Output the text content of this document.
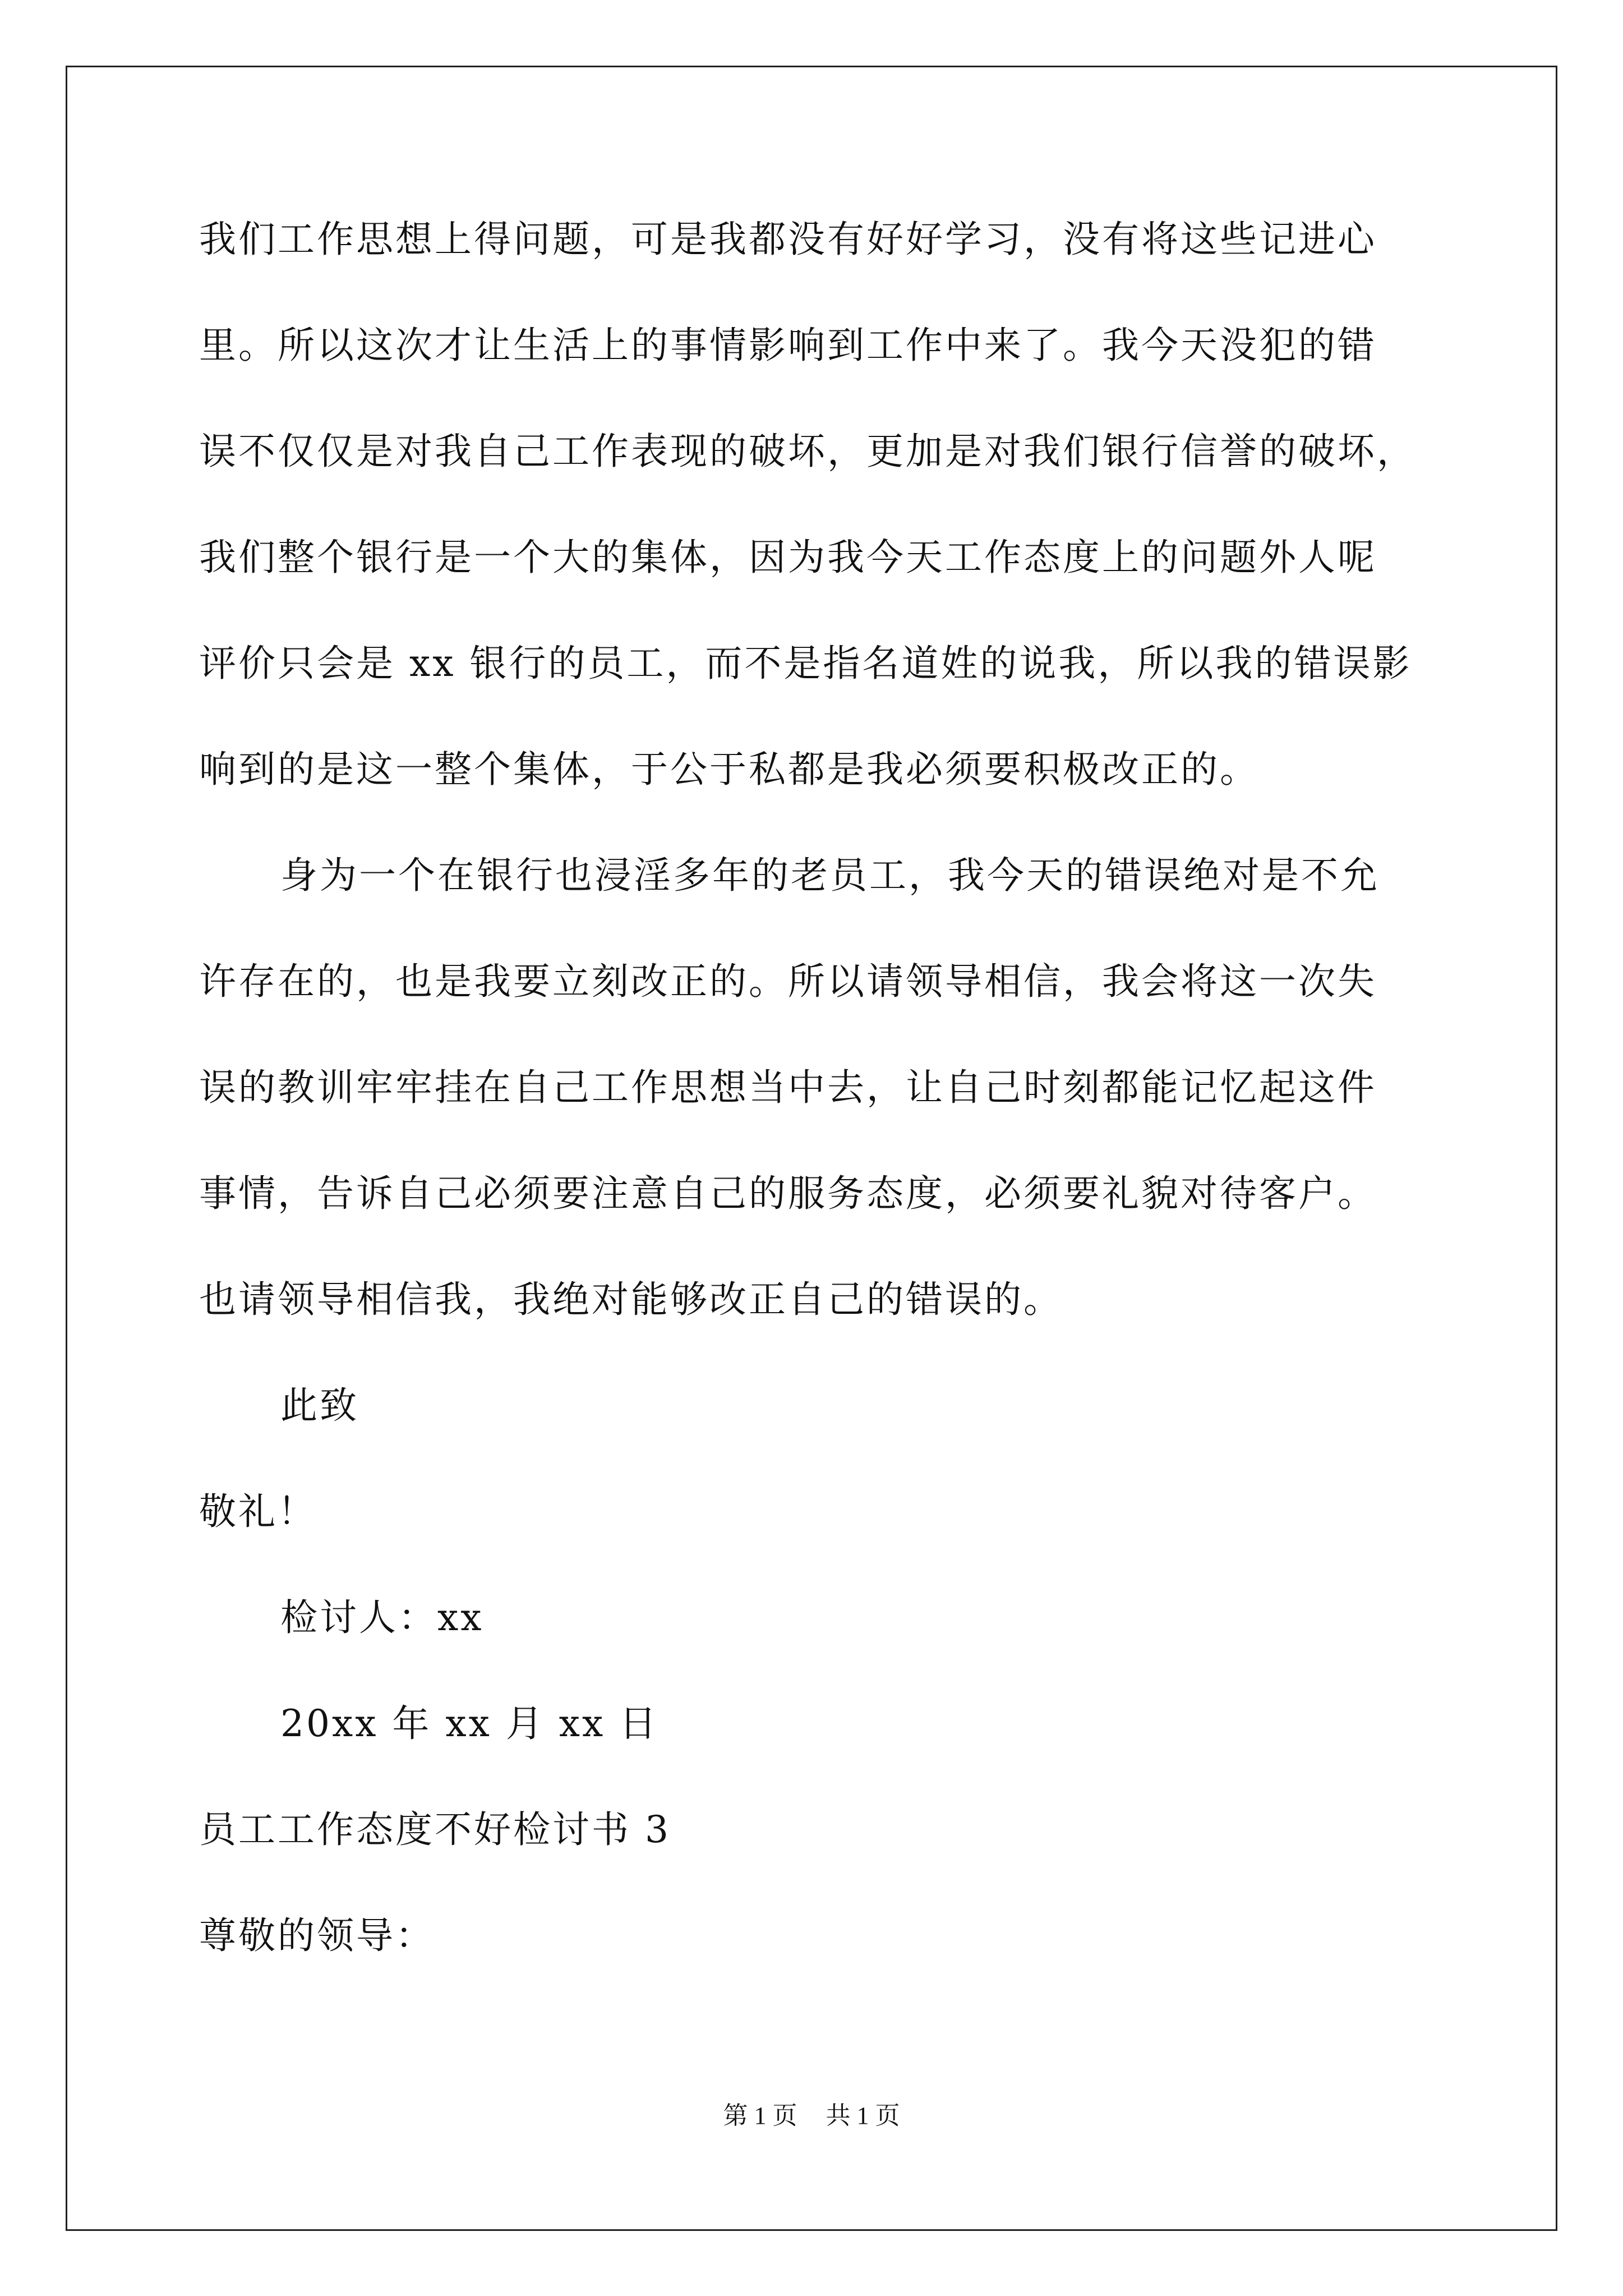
我们工作思想上得问题，可是我都没有好好学习，没有将这些记进心

里。所以这次才让生活上的事情影响到工作中来了。我今天没犯的错

误不仅仅是对我自己工作表现的破坏，更加是对我们银行信誉的破坏，

我们整个银行是一个大的集体，因为我今天工作态度上的问题外人呢

评价只会是 xx 银行的员工，而不是指名道姓的说我，所以我的错误影

响到的是这一整个集体，于公于私都是我必须要积极改正的。

身为一个在银行也浸淫多年的老员工，我今天的错误绝对是不允

许存在的，也是我要立刻改正的。所以请领导相信，我会将这一次失

误的教训牢牢挂在自己工作思想当中去，让自己时刻都能记忆起这件

事情，告诉自己必须要注意自己的服务态度，必须要礼貌对待客户。

也请领导相信我，我绝对能够改正自己的错误的。

此致

敬礼！

检讨人：xx

20xx 年 xx 月 xx 日

员工工作态度不好检讨书 3

尊敬的领导：

第 1 页 共 1 页
